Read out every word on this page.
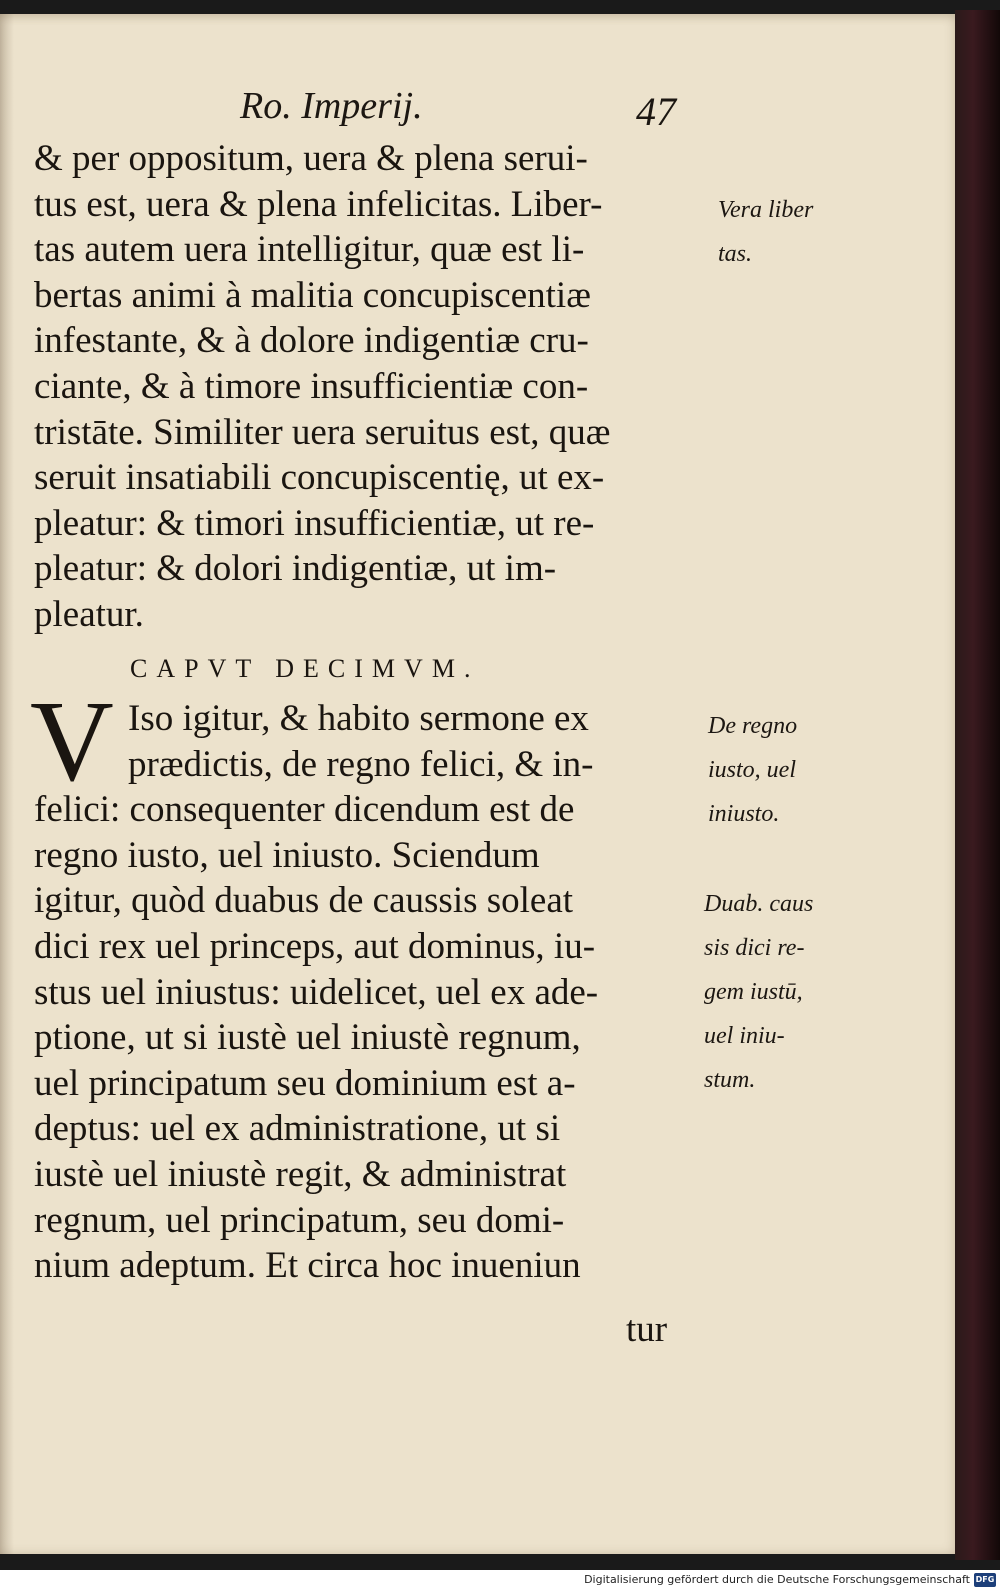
Ro. Imperij.	47
& per oppositum, uera & plena serui-
tus est, uera & plena infelicitas. Liber-
tas autem uera intelligitur, quæ est li-
bertas animi à malitia concupiscentiæ
infestante, & à dolore indigentiæ cru-
ciante, & à timore insufficientiæ con-
tristāte. Similiter uera seruitus est, quæ
seruit insatiabili concupiscentię, ut ex-
pleatur: & timori insufficientiæ, ut re-
pleatur: & dolori indigentiæ, ut im-
pleatur.
CAPVT DECIMVM.
V Iso igitur, & habito sermone ex
prædictis, de regno felici, & in-
felici: consequenter dicendum est de
regno iusto, uel iniusto. Sciendum
igitur, quòd duabus de caussis soleat
dici rex uel princeps, aut dominus, iu-
stus uel iniustus: uidelicet, uel ex ade-
ptione, ut si iustè uel iniustè regnum,
uel principatum seu dominium est a-
deptus: uel ex administratione, ut si
iustè uel iniustè regit, & administrat
regnum, uel principatum, seu domi-
nium adeptum. Et circa hoc inueniun
tur
Vera liber
tas.
De regno
iusto, uel
iniusto.
Duab. caus
sis dici re-
gem iustū,
uel iniu-
stum.
Digitalisierung gefördert durch die Deutsche Forschungsgemeinschaft DFG
